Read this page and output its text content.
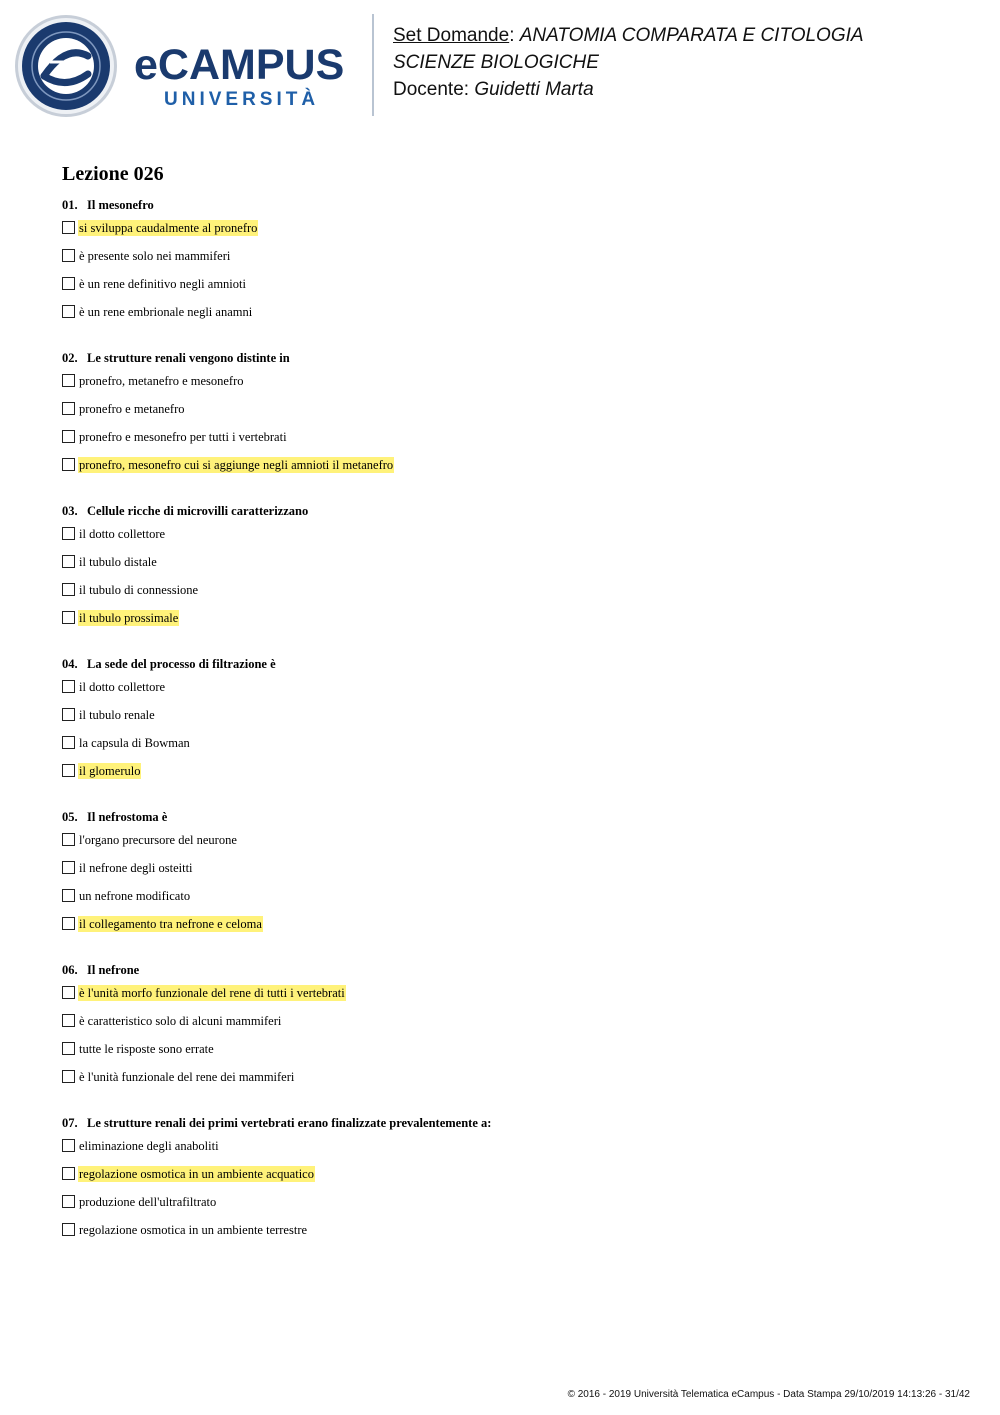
eCAMPUS
UNIVERSITÀ
Set Domande: ANATOMIA COMPARATA E CITOLOGIA
SCIENZE BIOLOGICHE
Docente: Guidetti Marta
Lezione 026
01. Il mesonefro
si sviluppa caudalmente al pronefro
è presente solo nei mammiferi
è un rene definitivo negli amnioti
è un rene embrionale negli anamni
02. Le strutture renali vengono distinte in
pronefro, metanefro e mesonefro
pronefro e metanefro
pronefro e mesonefro per tutti i vertebrati
pronefro, mesonefro cui si aggiunge negli amnioti il metanefro
03. Cellule ricche di microvilli caratterizzano
il dotto collettore
il tubulo distale
il tubulo di connessione
il tubulo prossimale
04. La sede del processo di filtrazione è
il dotto collettore
il tubulo renale
la capsula di Bowman
il glomerulo
05. Il nefrostoma è
l'organo precursore del neurone
il nefrone degli osteitti
un nefrone modificato
il collegamento tra nefrone e celoma
06. Il nefrone
è l'unità morfo funzionale del rene di tutti i vertebrati
è caratteristico solo di alcuni mammiferi
tutte le risposte sono errate
è l'unità funzionale del rene dei mammiferi
07. Le strutture renali dei primi vertebrati erano finalizzate prevalentemente a:
eliminazione degli anaboliti
regolazione osmotica in un ambiente acquatico
produzione dell'ultrafiltrato
regolazione osmotica in un ambiente terrestre
© 2016 - 2019 Università Telematica eCampus - Data Stampa 29/10/2019 14:13:26 - 31/42
